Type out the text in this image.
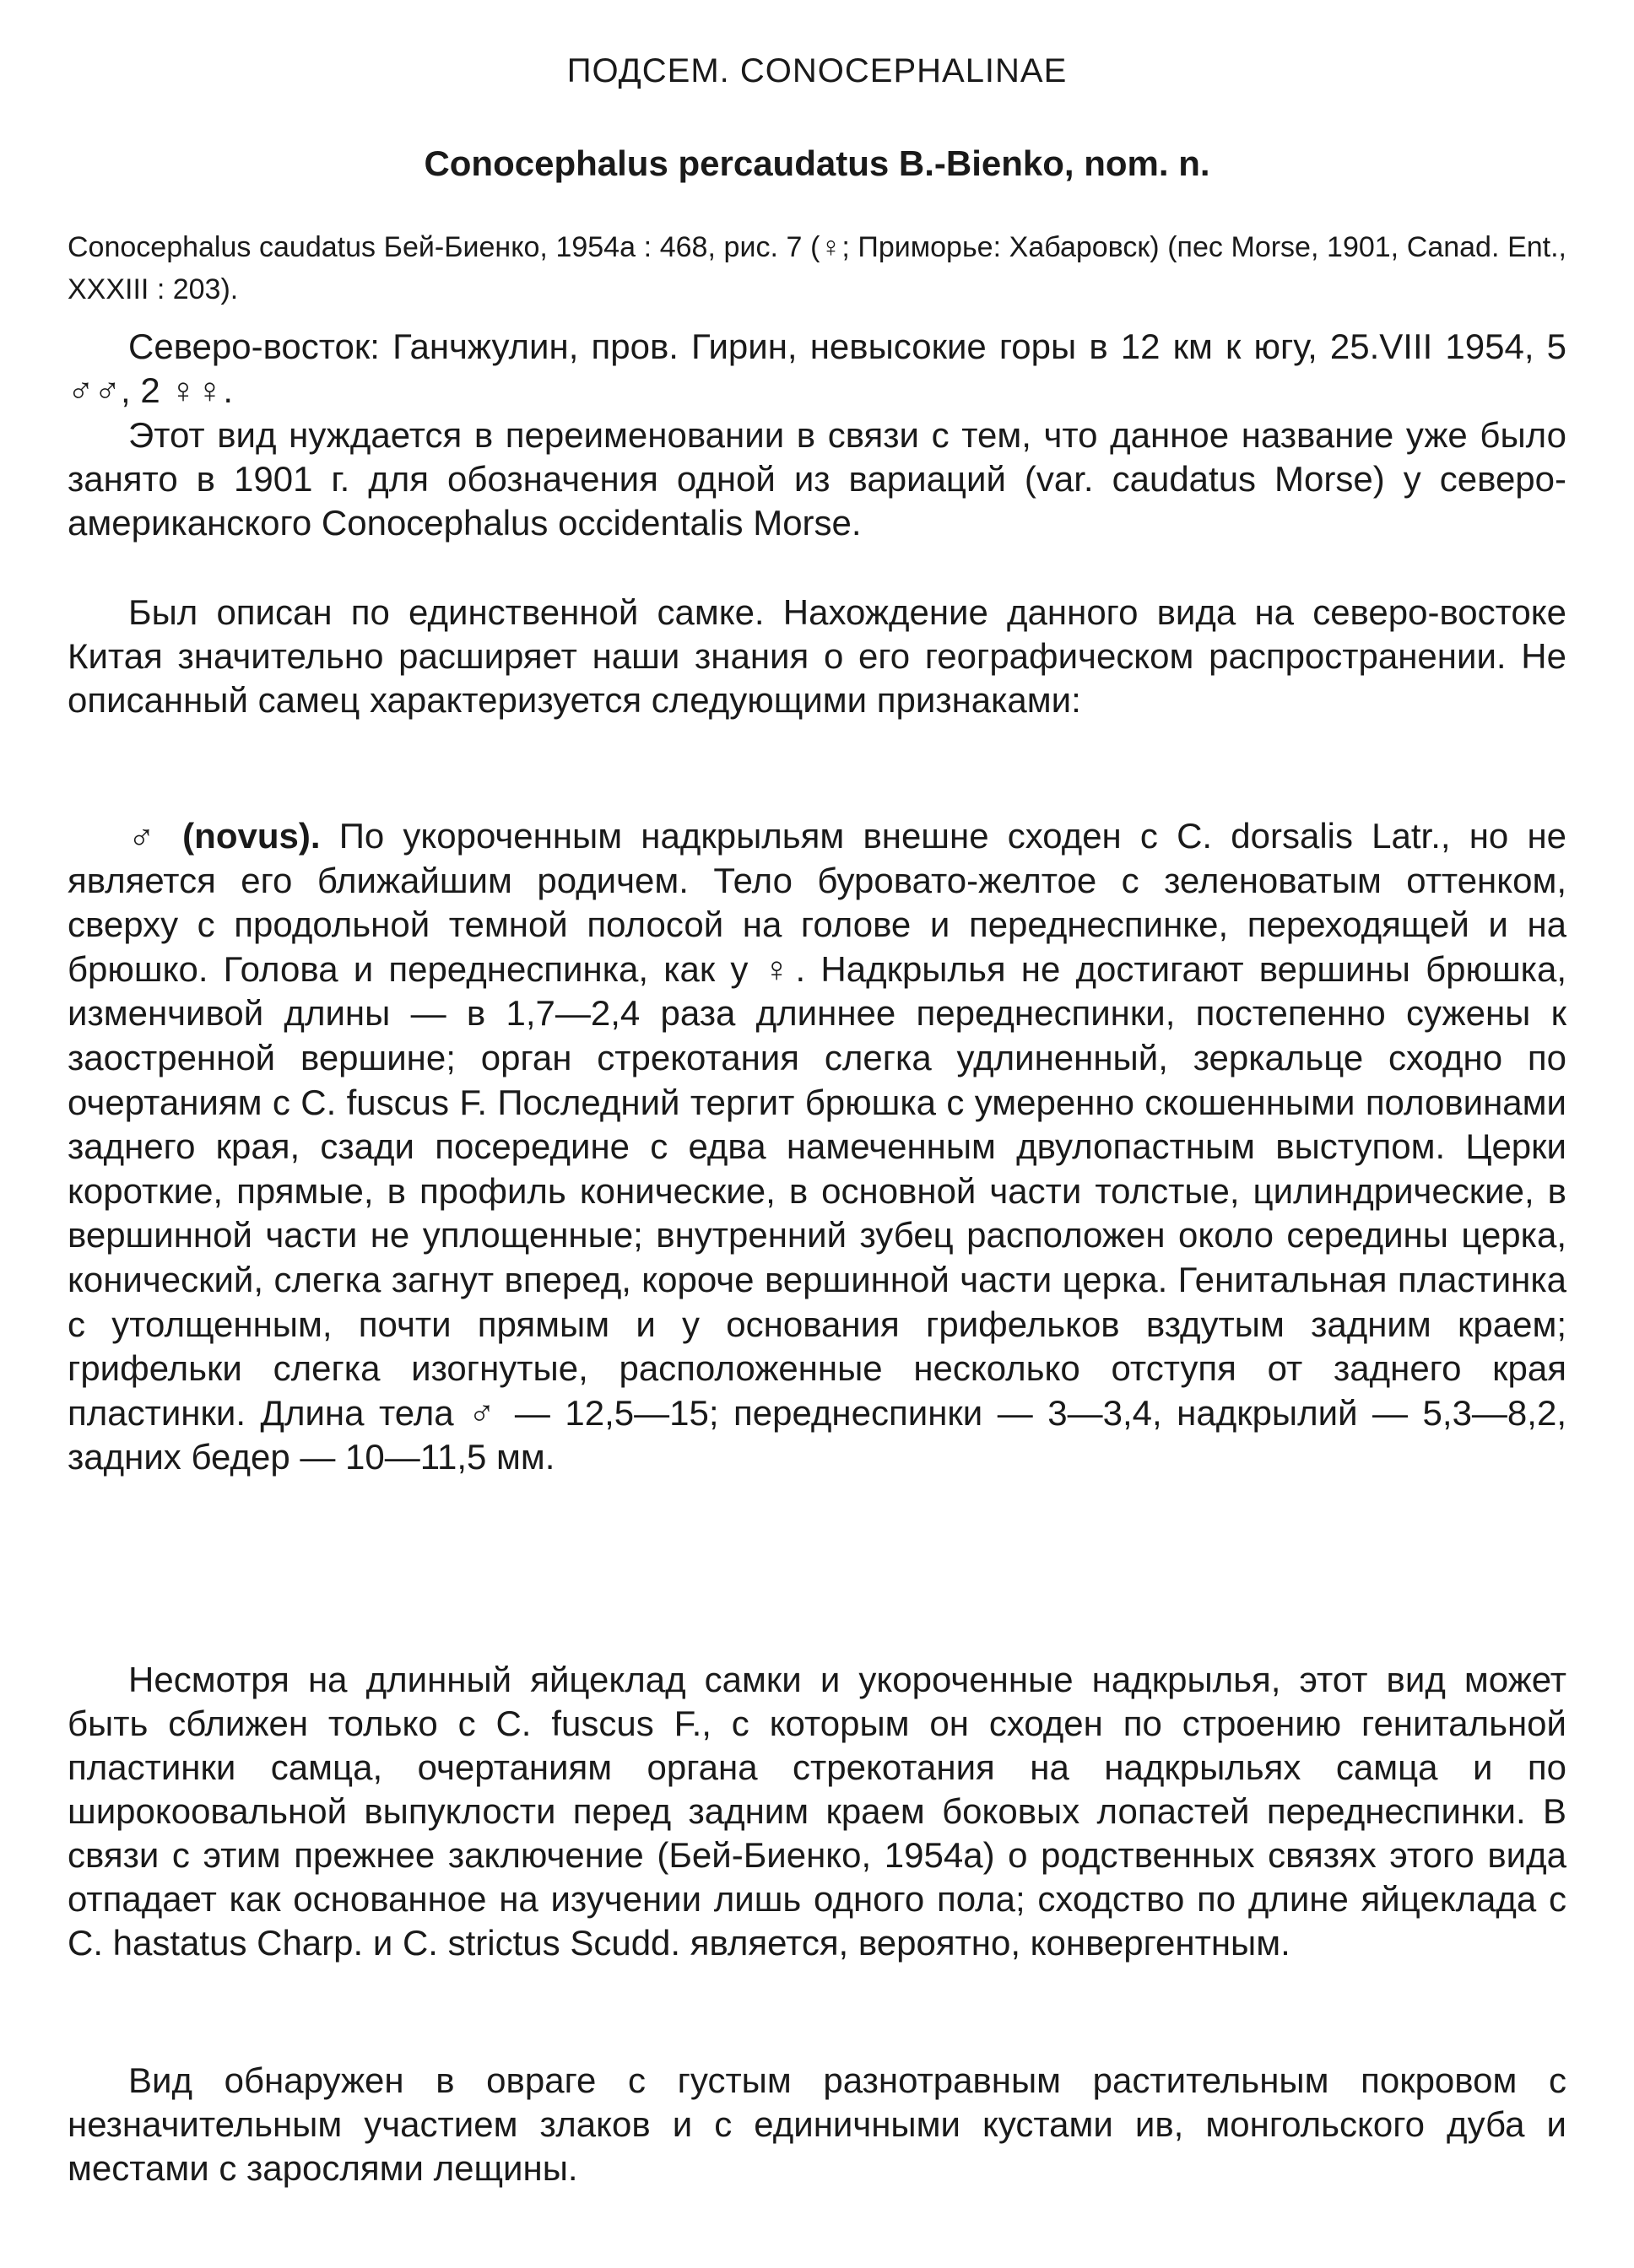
ПОДСЕМ. CONOCEPHALINAE
Conocephalus percaudatus B.-Bienko, nom. n.
Conocephalus caudatus Бей-Биенко, 1954a : 468, рис. 7 (♀; Приморье: Хабаровск) (пес Morse, 1901, Canad. Ent., XXXIII : 203).

Северо-восток: Ганчжулин, пров. Гирин, невысокие горы в 12 км к югу, 25.VIII 1954, 5 ♂♂, 2 ♀♀.

Этот вид нуждается в переименовании в связи с тем, что данное название уже было занято в 1901 г. для обозначения одной из вариаций (var. caudatus Morse) у северо-американского Conocephalus occidentalis Morse.

Был описан по единственной самке. Нахождение данного вида на северо-востоке Китая значительно расширяет наши знания о его географическом распространении. Не описанный самец характеризуется следующими признаками:

♂ (novus). По укороченным надкрыльям внешне сходен с C. dorsalis Latr., но не является его ближайшим родичем. Тело буровато-желтое с зеленоватым оттенком, сверху с продольной темной полосой на голове и переднеспинке, переходящей и на брюшко. Голова и переднеспинка, как у ♀. Надкрылья не достигают вершины брюшка, изменчивой длины — в 1,7—2,4 раза длиннее переднеспинки, постепенно сужены к заостренной вершине; орган стрекотания слегка удлиненный, зеркальце сходно по очертаниям с C. fuscus F. Последний тергит брюшка с умеренно скошенными половинами заднего края, сзади посередине с едва намеченным двулопастным выступом. Церки короткие, прямые, в профиль конические, в основной части толстые, цилиндрические, в вершинной части не уплощенные; внутренний зубец расположен около середины церка, конический, слегка загнут вперед, короче вершинной части церка. Генитальная пластинка с утолщенным, почти прямым и у основания грифельков вздутым задним краем; грифельки слегка изогнутые, расположенные несколько отступя от заднего края пластинки. Длина тела ♂ — 12,5—15; переднеспинки — 3—3,4, надкрылий — 5,3—8,2, задних бедер — 10—11,5 мм.

Несмотря на длинный яйцеклад самки и укороченные надкрылья, этот вид может быть сближен только с C. fuscus F., с которым он сходен по строению генитальной пластинки самца, очертаниям органа стрекотания на надкрыльях самца и по широкоовальной выпуклости перед задним краем боковых лопастей переднеспинки. В связи с этим прежнее заключение (Бей-Биенко, 1954a) о родственных связях этого вида отпадает как основанное на изучении лишь одного пола; сходство по длине яйцеклада с C. hastatus Charp. и C. strictus Scudd. является, вероятно, конвергентным.

Вид обнаружен в овраге с густым разнотравным растительным покровом с незначительным участием злаков и с единичными кустами ив, монгольского дуба и местами с зарослями лещины.
